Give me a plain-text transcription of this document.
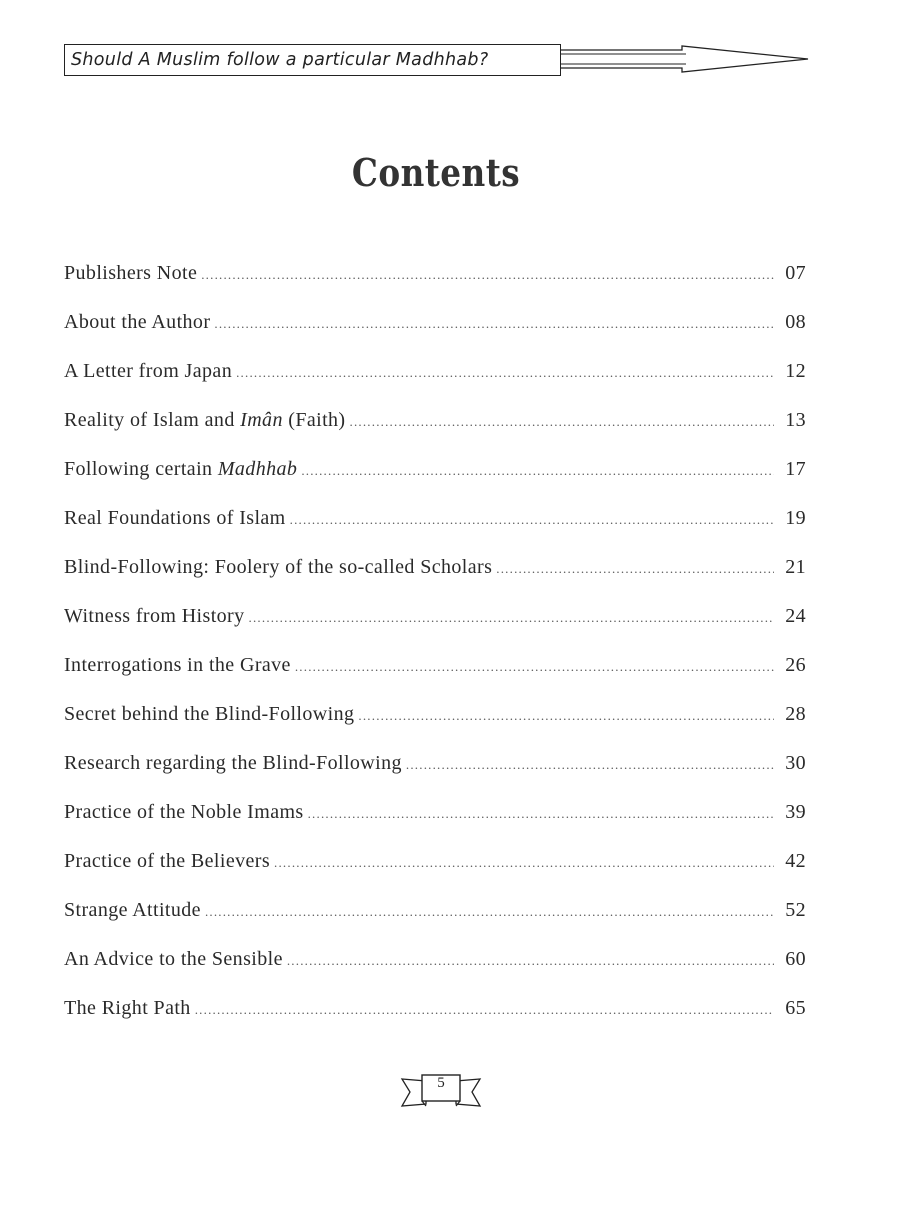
Should A Muslim follow a particular Madhhab?
Contents
Publishers Note .....	07
About the Author .....	08
A Letter from Japan .....	12
Reality of Islam and Imân (Faith) .....	13
Following certain Madhhab .....	17
Real Foundations of Islam .....	19
Blind-Following: Foolery of the so-called Scholars .....	21
Witness from History .....	24
Interrogations in the Grave .....	26
Secret behind the Blind-Following .....	28
Research regarding the Blind-Following .....	30
Practice of the Noble Imams .....	39
Practice of the Believers .....	42
Strange Attitude .....	52
An Advice to the Sensible .....	60
The Right Path .....	65
5
